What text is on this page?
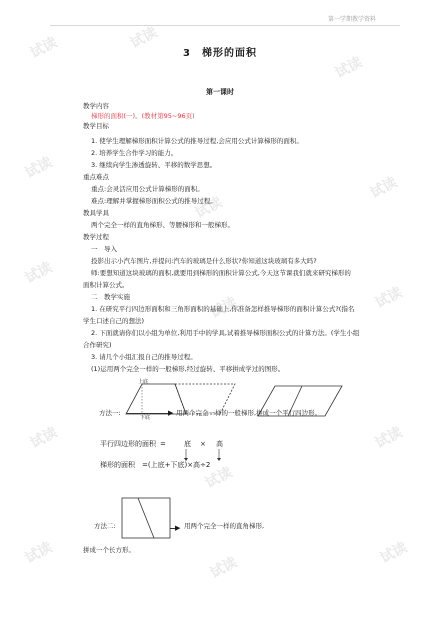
试读	试读
试读
试读
试读
试读
试读
试读	试读
试读
试读
试读
试读
试读
试读
第一学期教学资料
3　梯形的面积
第一课时
教学内容
梯形的面积(一)。(教材第95~96页)
教学目标
1. 使学生理解梯形面积计算公式的推导过程,会应用公式计算梯形的面积。
2. 培养学生合作学习的能力。
3. 继续向学生渗透旋转、平移的数学思想。
重点难点
重点:会灵活应用公式计算梯形的面积。
难点:理解并掌握梯形面积公式的推导过程。
教具学具
两个完全一样的直角梯形、等腰梯形和一般梯形。
教学过程
一　导入
投影出示小汽车图片,并提问:汽车的玻璃是什么形状?你知道这块玻璃有多大吗?
师:要想知道这块玻璃的面积,就要用到梯形的面积计算公式,今天这节课我们就来研究梯形的
面积计算公式。
二　教学实施
1. 在研究平行四边形面积和三角形面积的基础上,你准备怎样推导梯形的面积计算公式?(指名
学生口述自己的想法)
2. 下面就请你们以小组为单位,利用手中的学具,试着推导梯形面积公式的计算方法。(学生小组
合作研究)
3. 请几个小组汇报自己的推导过程。
(1)运用两个完全一样的一般梯形,经过旋转、平移拼成学过的图形。
方法一:
上底
下底
▶ 用两个完全一样的一般梯形,拼成一个平行四边形。
平行四边形的面积 =	底 × 高
梯形的面积 =(上底+下底)×高÷2
方法二:	▶ 用两个完全一样的直角梯形,
拼成一个长方形。
